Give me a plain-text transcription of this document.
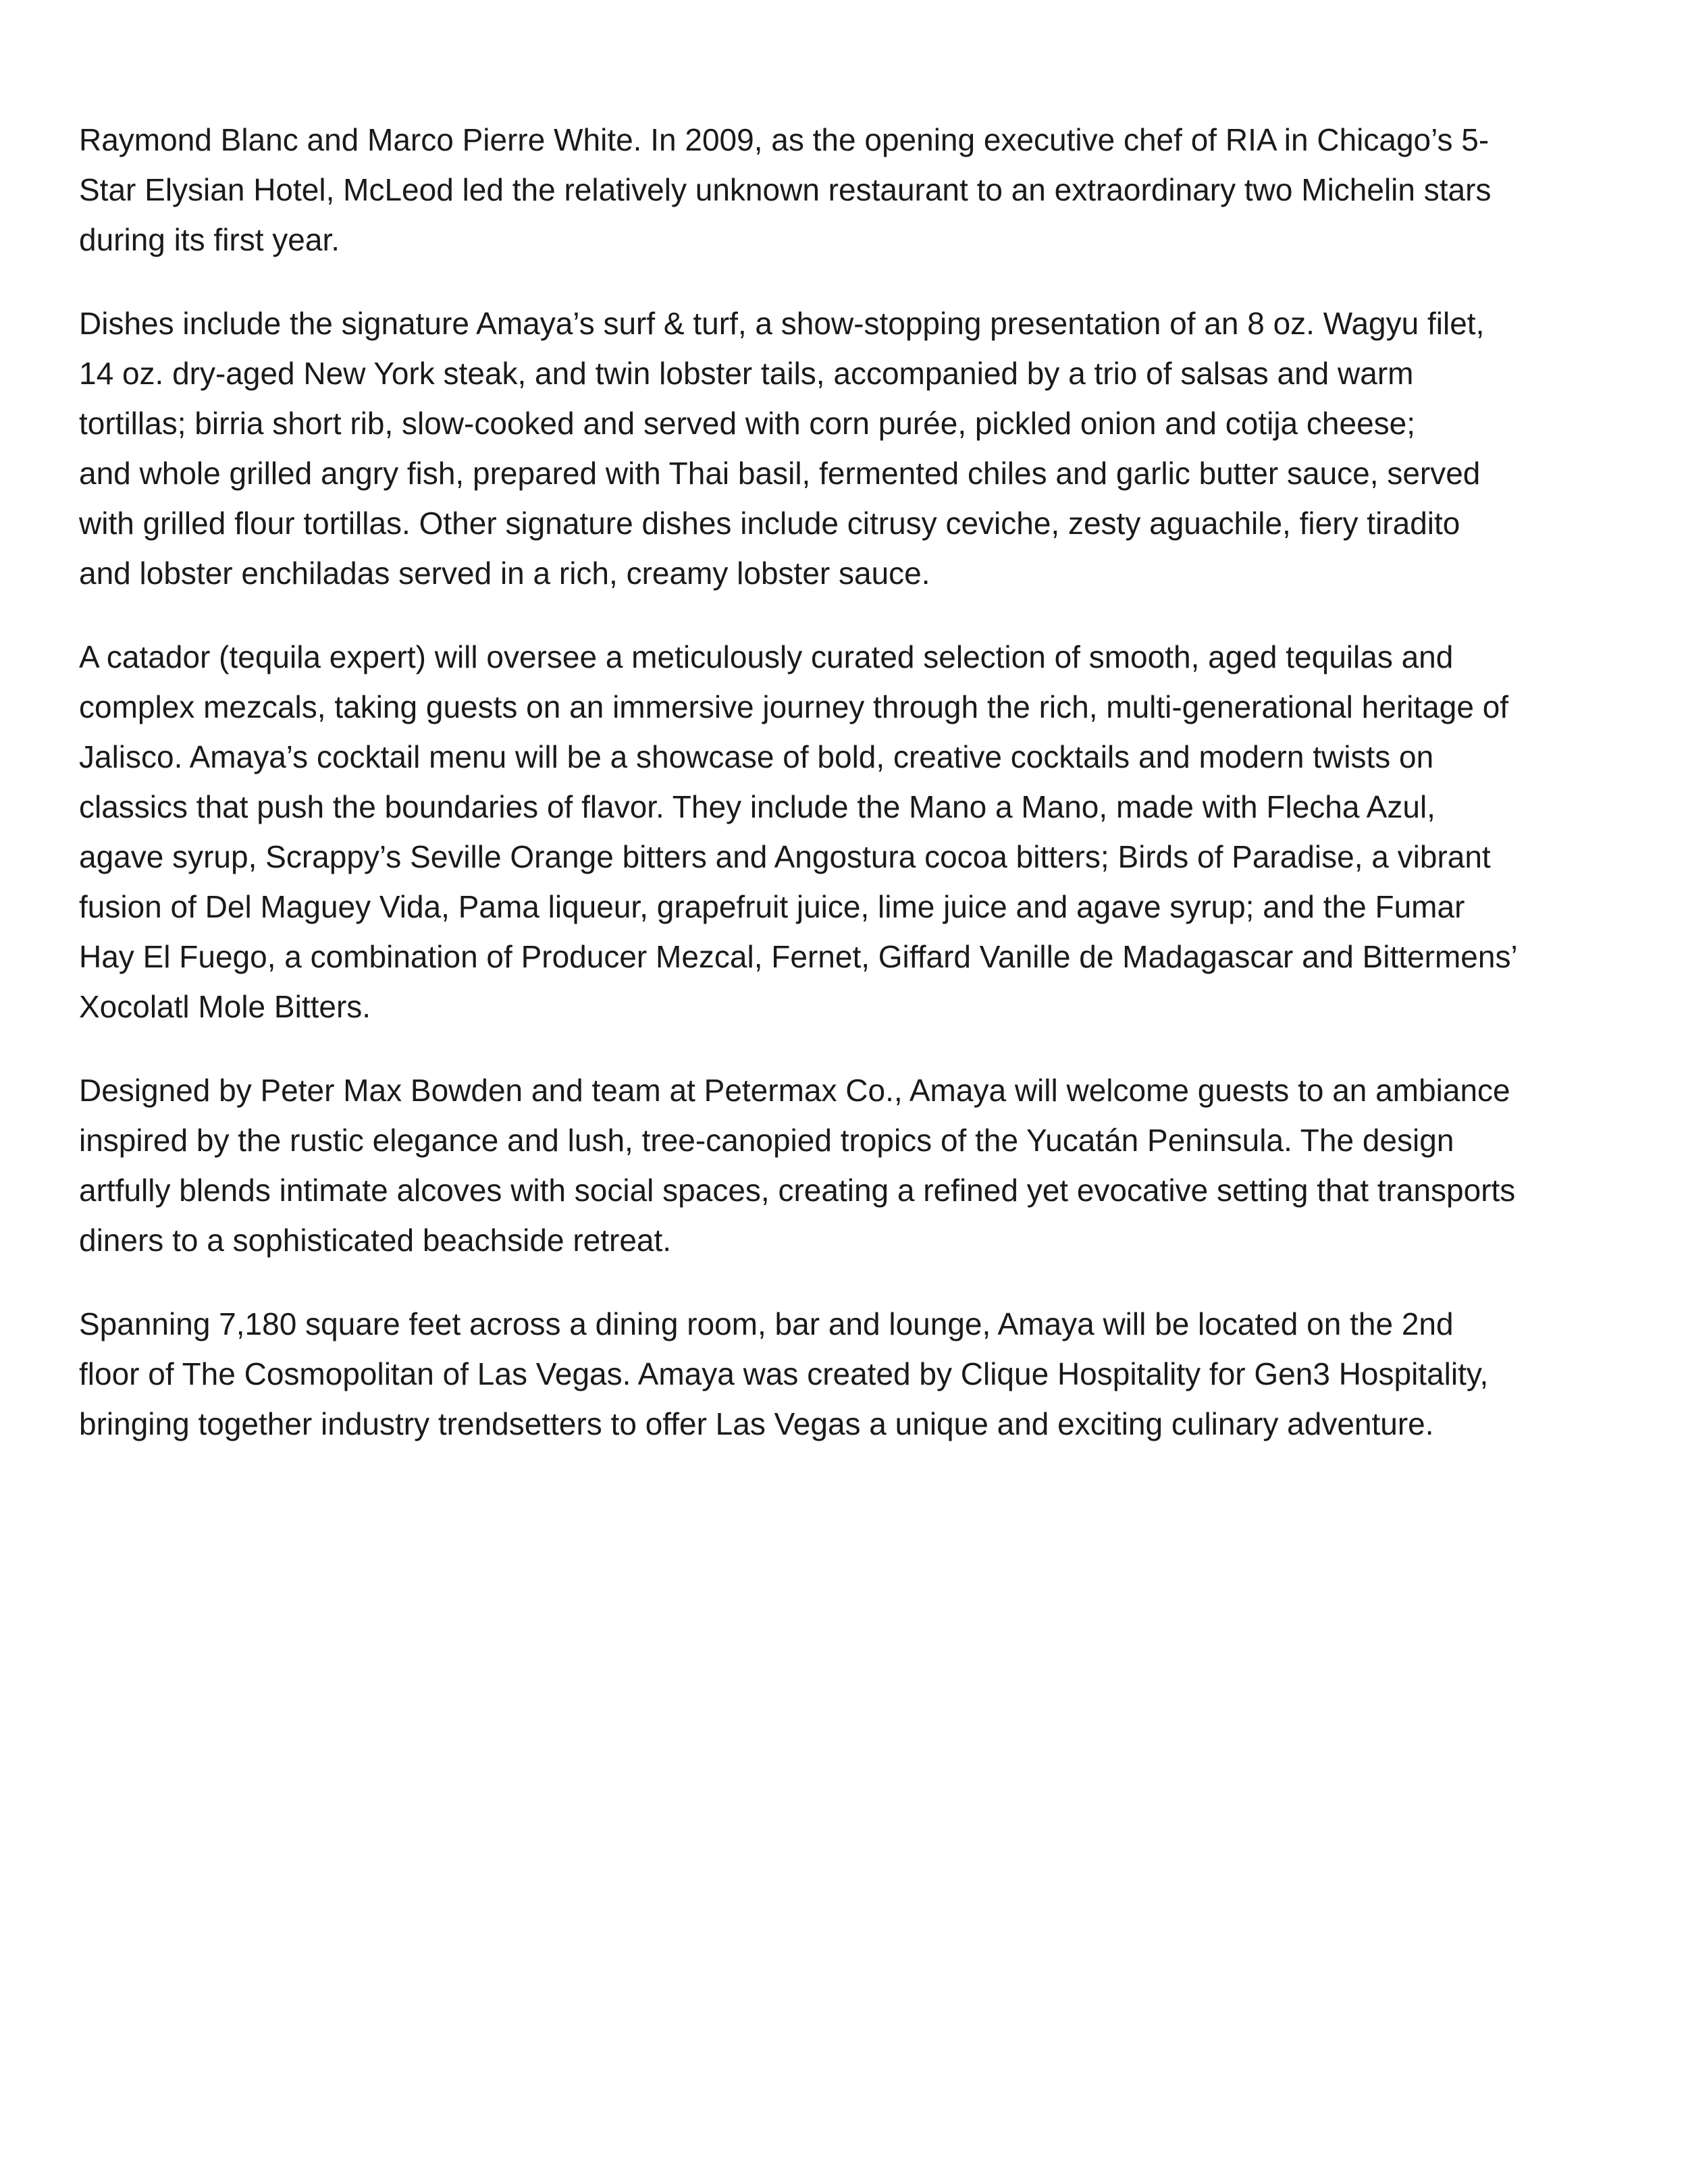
Raymond Blanc and Marco Pierre White. In 2009, as the opening executive chef of RIA in Chicago’s 5-
Star Elysian Hotel, McLeod led the relatively unknown restaurant to an extraordinary two Michelin stars
during its first year.
Dishes include the signature Amaya’s surf & turf, a show-stopping presentation of an 8 oz. Wagyu filet,
14 oz. dry-aged New York steak, and twin lobster tails, accompanied by a trio of salsas and warm
tortillas; birria short rib, slow-cooked and served with corn purée, pickled onion and cotija cheese;
and whole grilled angry fish, prepared with Thai basil, fermented chiles and garlic butter sauce, served
with grilled flour tortillas. Other signature dishes include citrusy ceviche, zesty aguachile, fiery tiradito
and lobster enchiladas served in a rich, creamy lobster sauce.
A catador (tequila expert) will oversee a meticulously curated selection of smooth, aged tequilas and
complex mezcals, taking guests on an immersive journey through the rich, multi-generational heritage of
Jalisco. Amaya’s cocktail menu will be a showcase of bold, creative cocktails and modern twists on
classics that push the boundaries of flavor. They include the Mano a Mano, made with Flecha Azul,
agave syrup, Scrappy’s Seville Orange bitters and Angostura cocoa bitters; Birds of Paradise, a vibrant
fusion of Del Maguey Vida, Pama liqueur, grapefruit juice, lime juice and agave syrup; and the Fumar
Hay El Fuego, a combination of Producer Mezcal, Fernet, Giffard Vanille de Madagascar and Bittermens’
Xocolatl Mole Bitters.
Designed by Peter Max Bowden and team at Petermax Co., Amaya will welcome guests to an ambiance
inspired by the rustic elegance and lush, tree-canopied tropics of the Yucatán Peninsula. The design
artfully blends intimate alcoves with social spaces, creating a refined yet evocative setting that transports
diners to a sophisticated beachside retreat.
Spanning 7,180 square feet across a dining room, bar and lounge, Amaya will be located on the 2nd
floor of The Cosmopolitan of Las Vegas. Amaya was created by Clique Hospitality for Gen3 Hospitality,
bringing together industry trendsetters to offer Las Vegas a unique and exciting culinary adventure.
